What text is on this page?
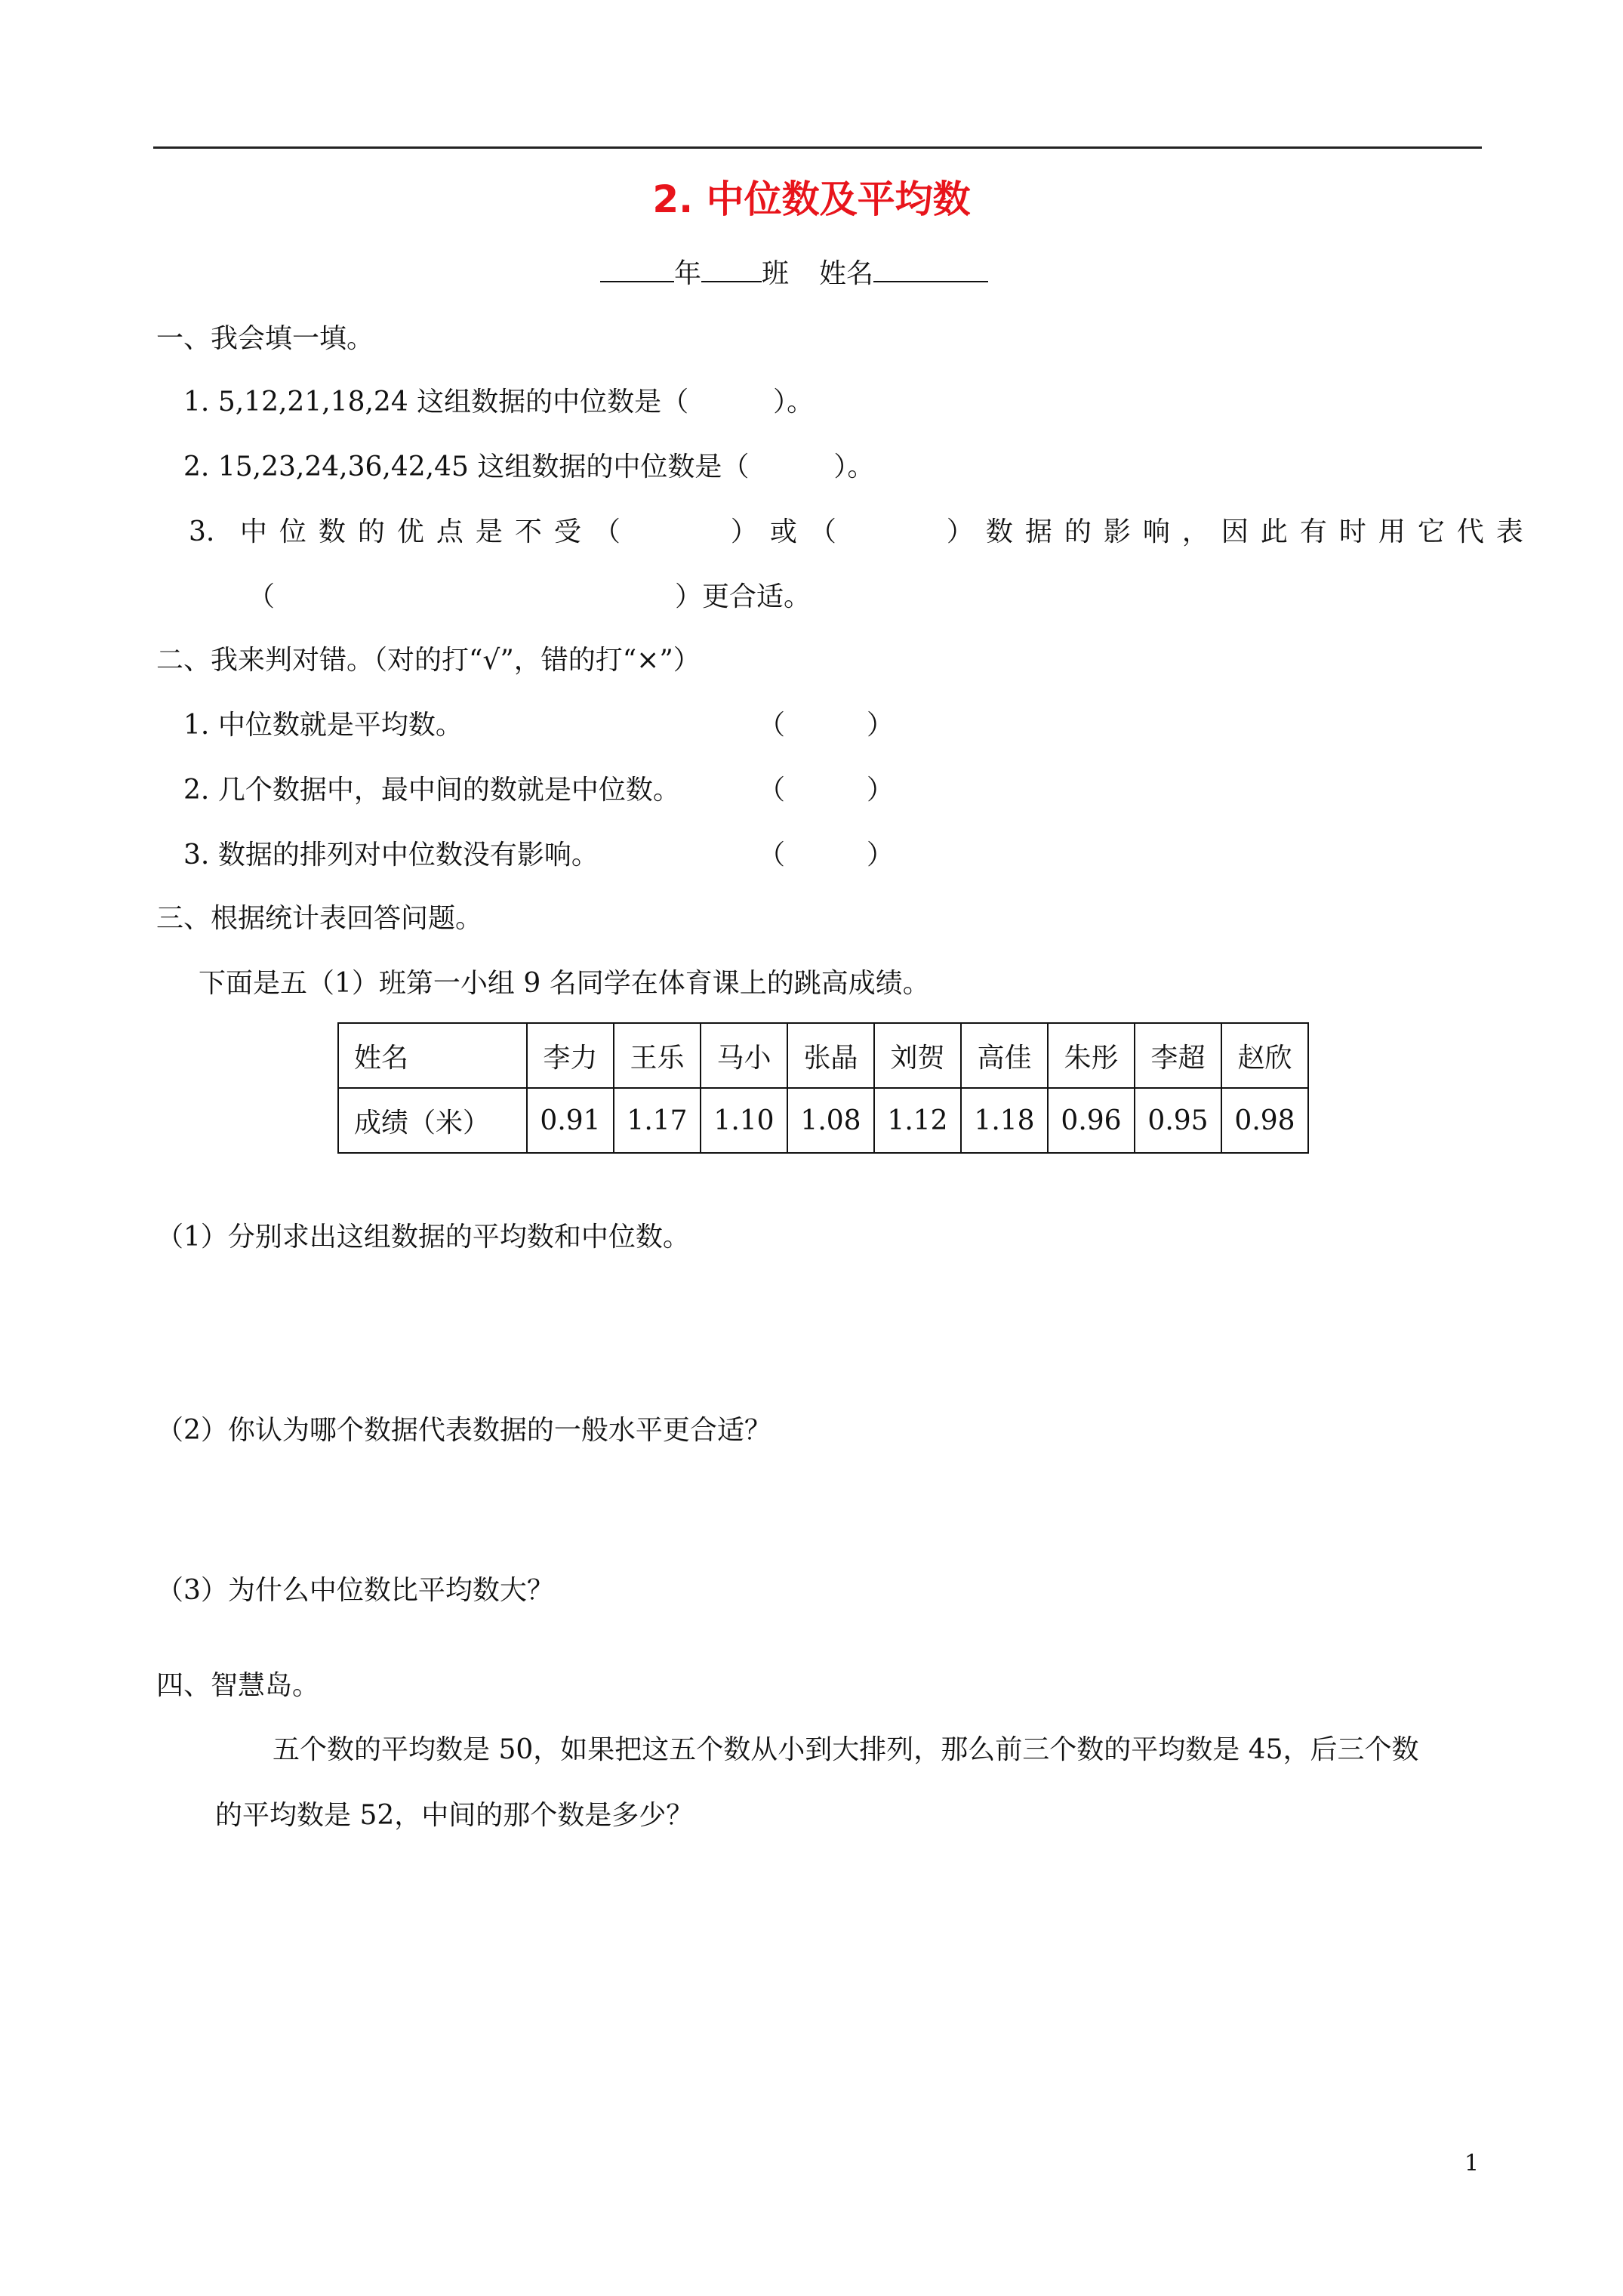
2. 中位数及平均数
年 班 姓名
一、我会填一填。
1. 5,12,21,18,24 这组数据的中位数是（	）。
2. 15,23,24,36,42,45 这组数据的中位数是（	）。
3. 中位数的优点是不受（	）或（	）数据的影响，因此有时用它代表
（	）更合适。
二、我来判对错。（对的打“√”，错的打“×”）
1. 中位数就是平均数。	（　　　）
2. 几个数据中，最中间的数就是中位数。	（　　　）
3. 数据的排列对中位数没有影响。	（　　　）
三、根据统计表回答问题。
下面是五（1）班第一小组 9 名同学在体育课上的跳高成绩。
姓名	李力	王乐	马小	张晶	刘贺	高佳	朱彤	李超	赵欣
成绩（米）	0.91	1.17	1.10	1.08	1.12	1.18	0.96	0.95	0.98
（1）分别求出这组数据的平均数和中位数。
（2）你认为哪个数据代表数据的一般水平更合适？
（3）为什么中位数比平均数大？
四、智慧岛。
五个数的平均数是 50，如果把这五个数从小到大排列，那么前三个数的平均数是 45，后三个数
的平均数是 52，中间的那个数是多少？
1
